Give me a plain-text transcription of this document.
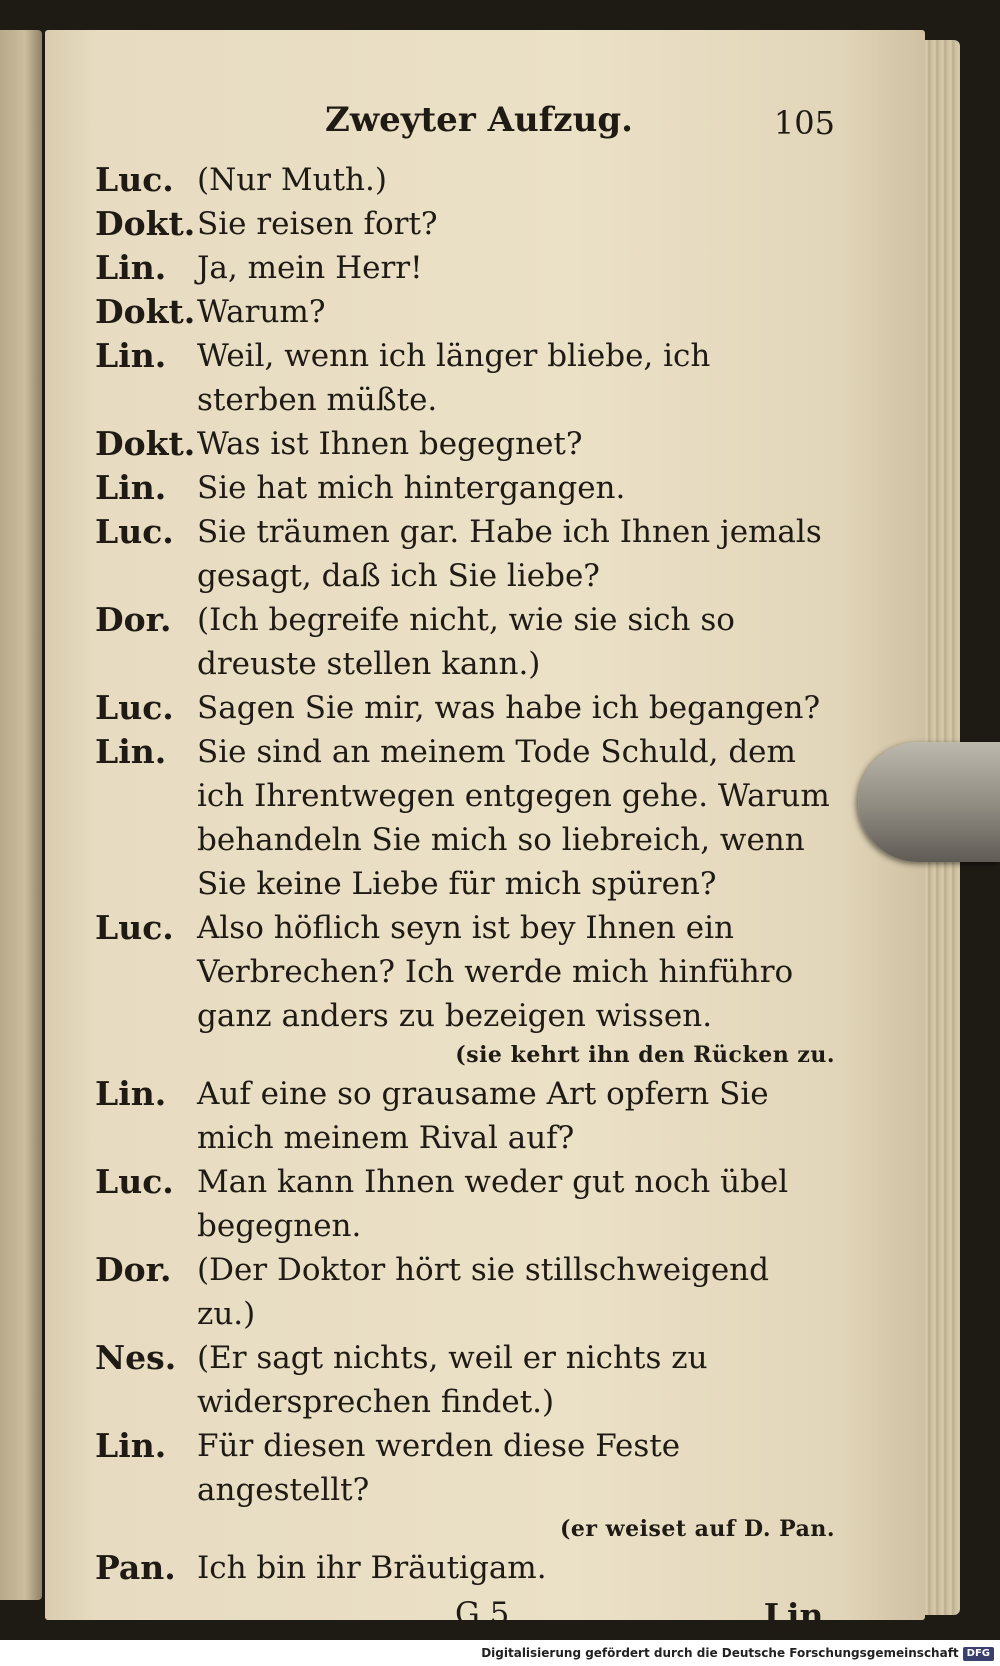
Zweyter Aufzug.	105
Luc. (Nur Muth.)
Dokt. Sie reisen fort?
Lin. Ja, mein Herr!
Dokt. Warum?
Lin. Weil, wenn ich länger bliebe, ich sterben müßte.
Dokt. Was ist Ihnen begegnet?
Lin. Sie hat mich hintergangen.
Luc. Sie träumen gar. Habe ich Ihnen jemals gesagt, daß ich Sie liebe?
Dor. (Ich begreife nicht, wie sie sich so dreuste stellen kann.)
Luc. Sagen Sie mir, was habe ich begangen?
Lin. Sie sind an meinem Tode Schuld, dem ich Ihrentwegen entgegen gehe. Warum behandeln Sie mich so liebreich, wenn Sie keine Liebe für mich spüren?
Luc. Also höflich seyn ist bey Ihnen ein Verbrechen? Ich werde mich hinführo ganz anders zu bezeigen wissen.
(sie kehrt ihn den Rücken zu.
Lin. Auf eine so grausame Art opfern Sie mich meinem Rival auf?
Luc. Man kann Ihnen weder gut noch übel begegnen.
Dor. (Der Doktor hört sie stillschweigend zu.)
Nes. (Er sagt nichts, weil er nichts zu widersprechen findet.)
Lin. Für diesen werden diese Feste angestellt?
(er weiset auf D. Pan.
Pan. Ich bin ihr Bräutigam.
G 5	Lin.
Digitalisierung gefördert durch die Deutsche Forschungsgemeinschaft DFG
